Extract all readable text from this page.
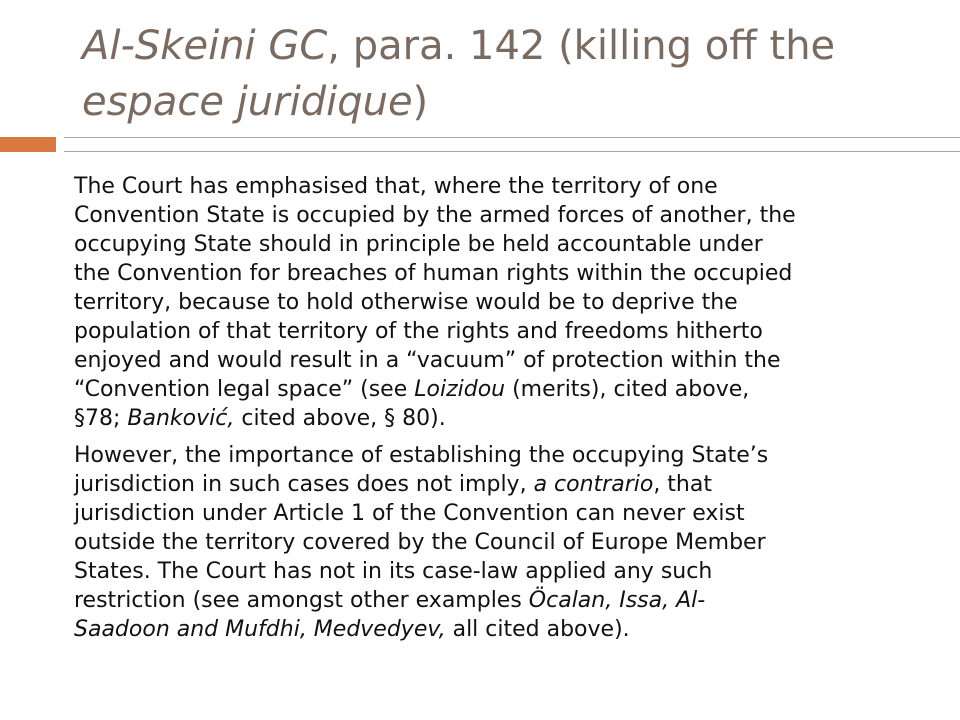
Al-Skeini GC, para. 142 (killing off the
espace juridique)

The Court has emphasised that, where the territory of one
Convention State is occupied by the armed forces of another, the
occupying State should in principle be held accountable under
the Convention for breaches of human rights within the occupied
territory, because to hold otherwise would be to deprive the
population of that territory of the rights and freedoms hitherto
enjoyed and would result in a “vacuum” of protection within the
“Convention legal space” (see Loizidou (merits), cited above,
§78; Banković, cited above, § 80).

However, the importance of establishing the occupying State’s
jurisdiction in such cases does not imply, a contrario, that
jurisdiction under Article 1 of the Convention can never exist
outside the territory covered by the Council of Europe Member
States. The Court has not in its case-law applied any such
restriction (see amongst other examples Öcalan, Issa, Al-
Saadoon and Mufdhi, Medvedyev, all cited above).
